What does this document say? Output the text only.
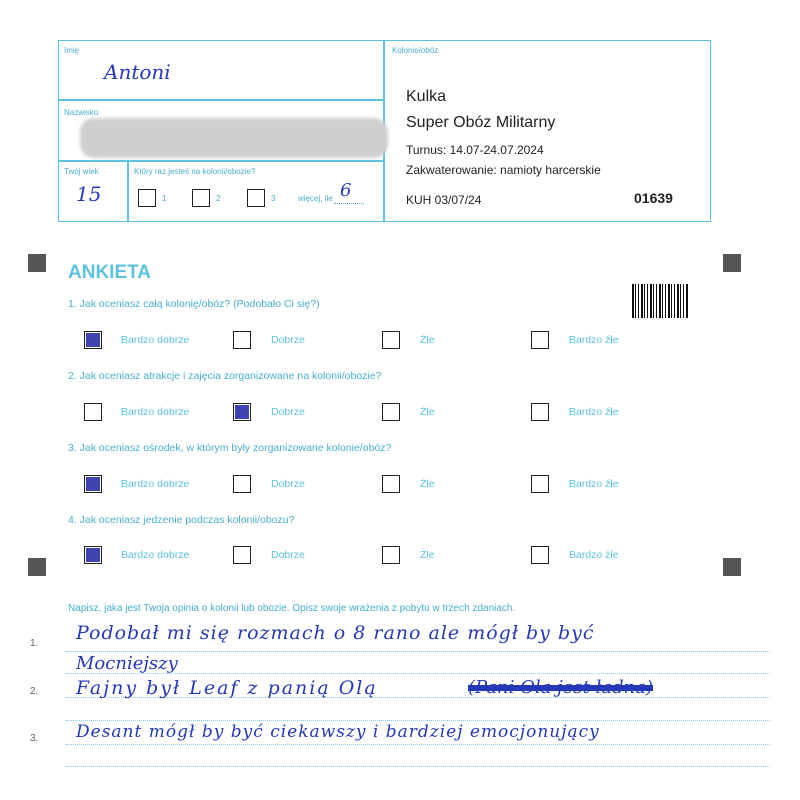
Imię
Antoni
Nazwisko
Twój wiek
15
Który raz jesteś na kolonii/obozie?
1	2	3	więcej, ile 6
Kolonie/obóz
Kulka
Super Obóz Militarny
Turnus: 14.07-24.07.2024
Zakwaterowanie: namioty harcerskie
KUH 03/07/24	01639
ANKIETA
1. Jak oceniasz całą kolonię/obóz? (Podobało Ci się?)
Bardzo dobrze	Dobrze	Źle	Bardzo źle
2. Jak oceniasz atrakcje i zajęcia zorganizowane na kolonii/obozie?
Bardzo dobrze	Dobrze	Źle	Bardzo źle
3. Jak oceniasz ośrodek, w którym były zorganizowane kolonie/obóz?
Bardzo dobrze	Dobrze	Źle	Bardzo źle
4. Jak oceniasz jedzenie podczas kolonii/obozu?
Bardzo dobrze	Dobrze	Źle	Bardzo źle
Napisz, jaka jest Twoja opinia o kolonii lub obozie. Opisz swoje wrażenia z pobytu w trzech zdaniach.
1.
2.
3.
Podobał mi się rozmach o 8 rano ale mógł by być
Mocniejszy
Fajny był Leaf z panią Olą	(Pani Ola jest ładna)
Desant mógł by być ciekawszy i bardziej emocjonujący
